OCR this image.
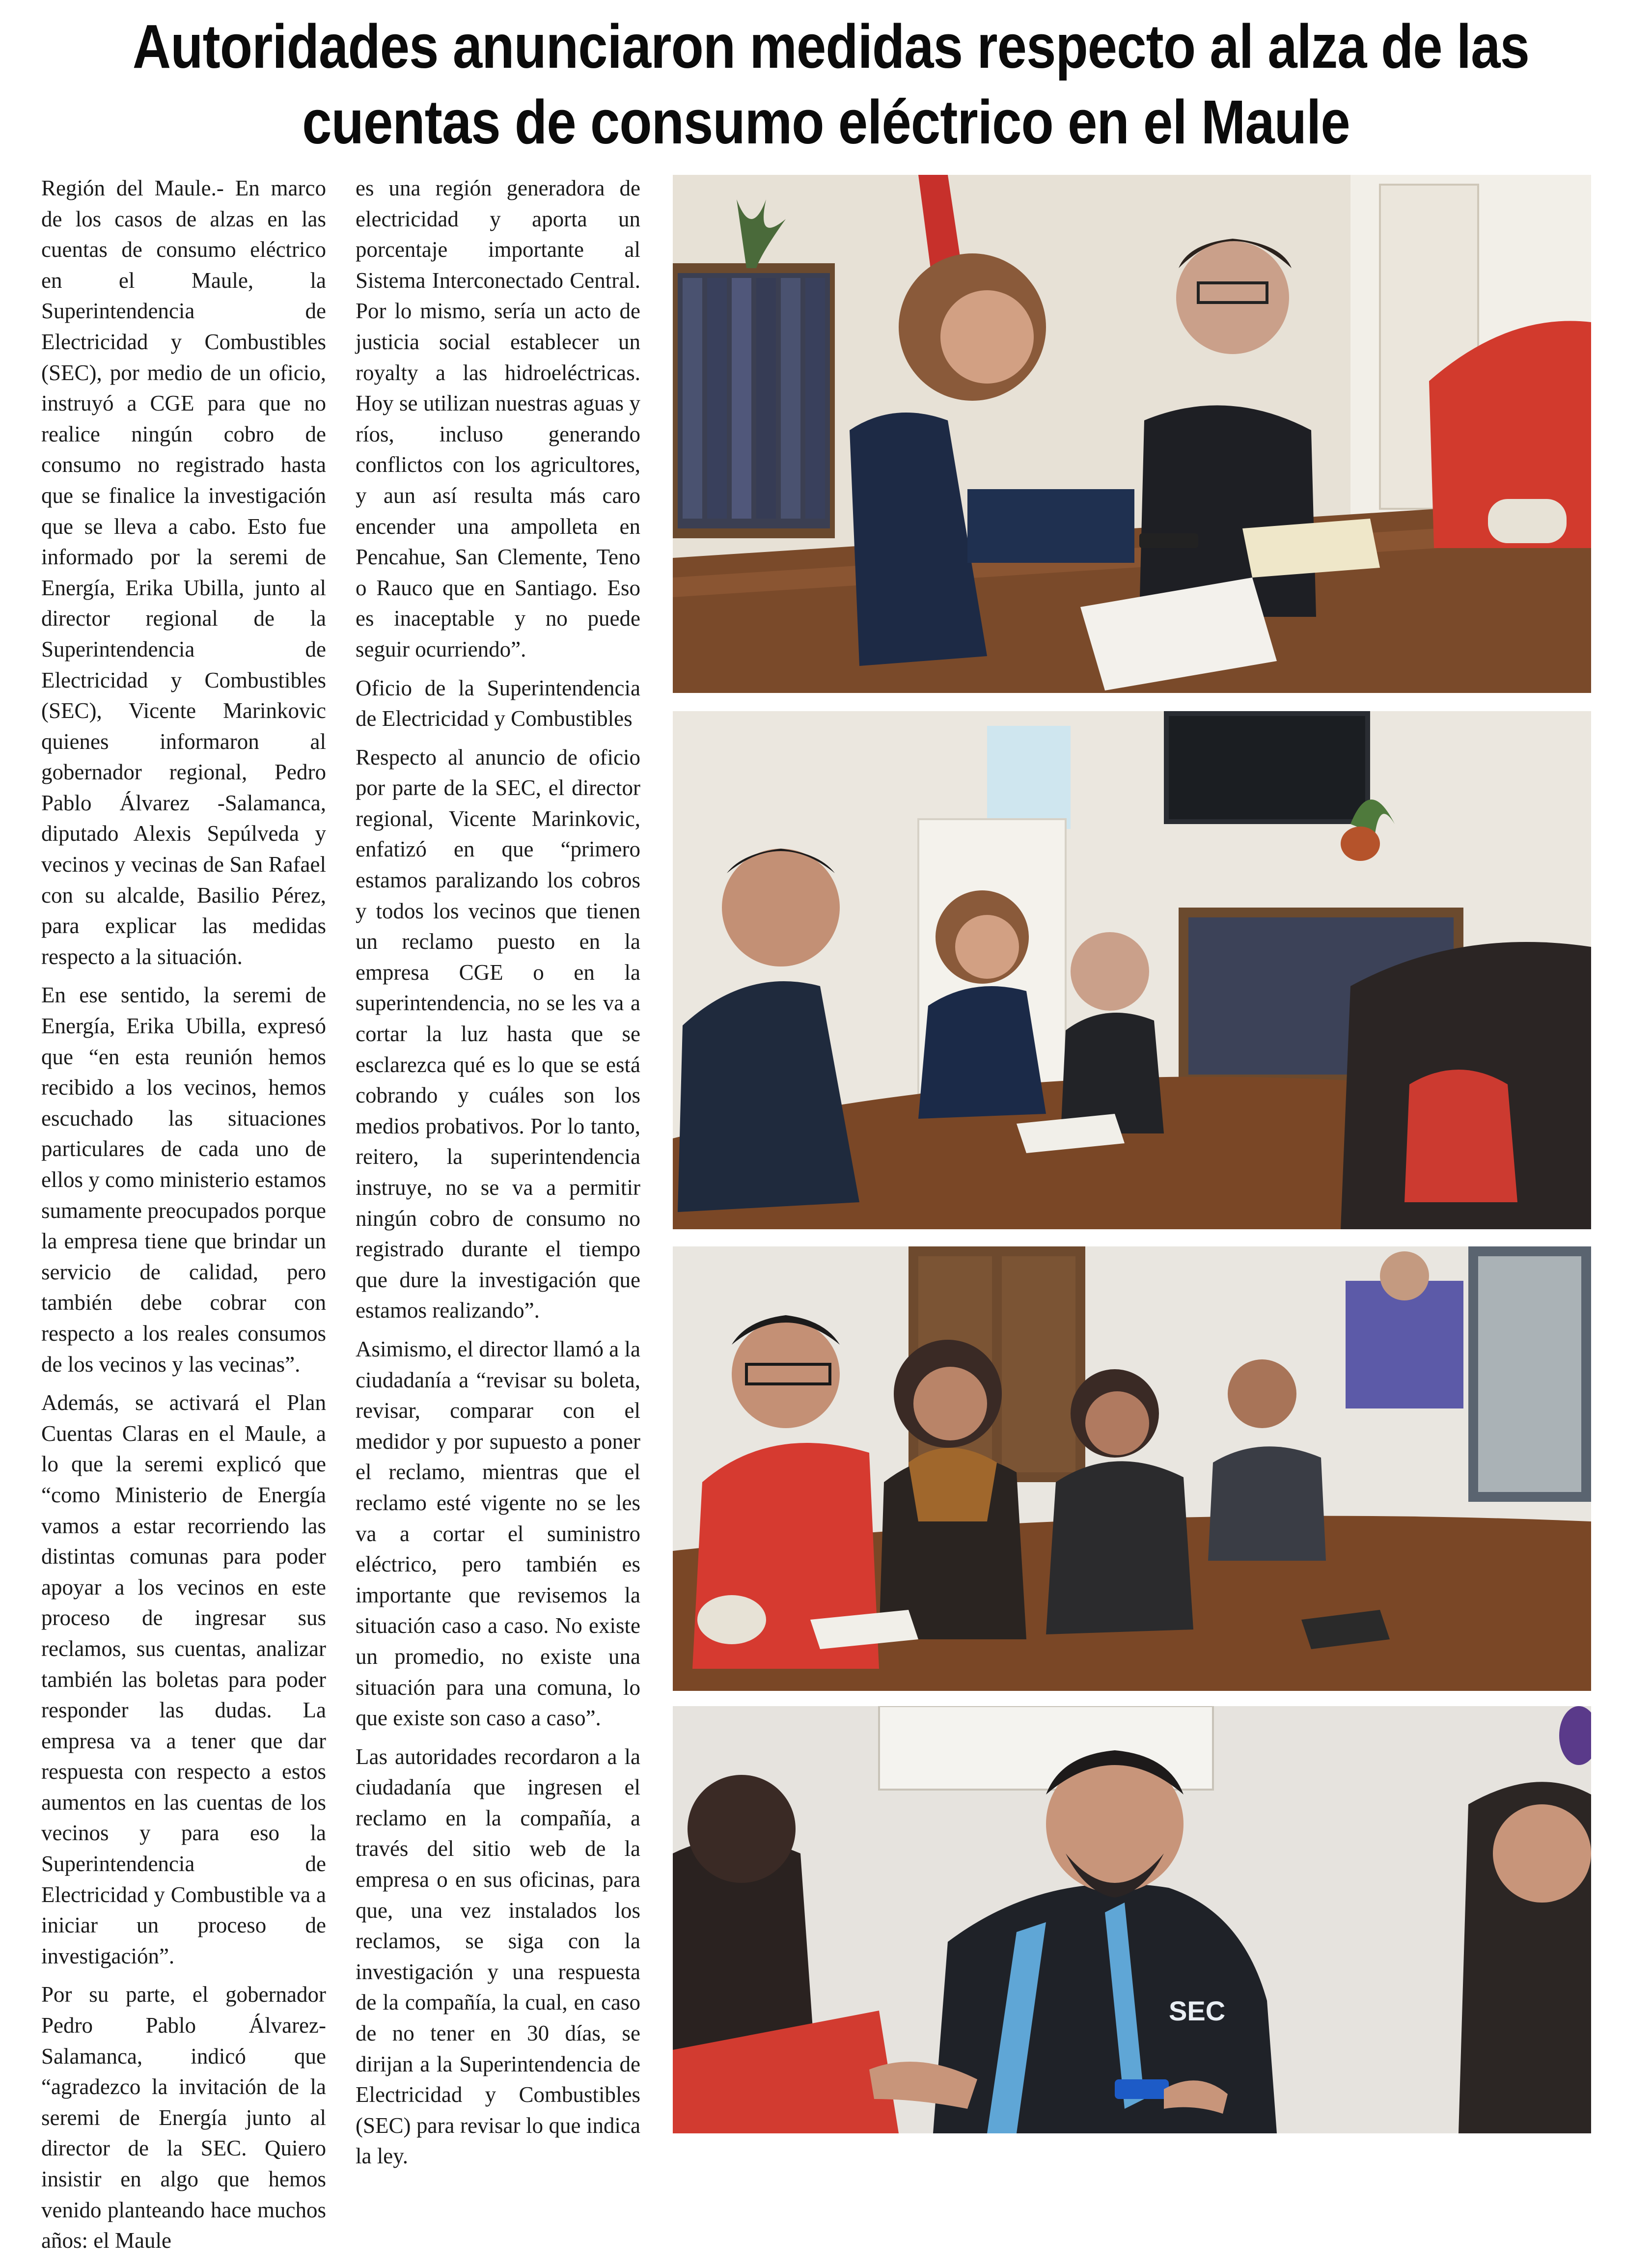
Autoridades anunciaron medidas respecto al alza de las
cuentas de consumo eléctrico en el Maule

Región del Maule.- En marco de los casos de alzas en las cuentas de consumo eléctrico en el Maule, la Superintendencia de Electricidad y Combustibles (SEC), por medio de un oficio, instruyó a CGE para que no realice ningún cobro de consumo no registrado hasta que se finalice la investigación que se lleva a cabo. Esto fue informado por la seremi de Energía, Erika Ubilla, junto al director regional de la Superintendencia de Electricidad y Combustibles (SEC), Vicente Marinkovic quienes informaron al gobernador regional, Pedro Pablo Álvarez -Salamanca, diputado Alexis Sepúlveda y vecinos y vecinas de San Rafael con su alcalde, Basilio Pérez, para explicar las medidas respecto a la situación.

En ese sentido, la seremi de Energía, Erika Ubilla, expresó que “en esta reunión hemos recibido a los vecinos, hemos escuchado las situaciones particulares de cada uno de ellos y como ministerio estamos sumamente preocupados porque la empresa tiene que brindar un servicio de calidad, pero también debe cobrar con respecto a los reales consumos de los vecinos y las vecinas”.

Además, se activará el Plan Cuentas Claras en el Maule, a lo que la seremi explicó que “como Ministerio de Energía vamos a estar recorriendo las distintas comunas para poder apoyar a los vecinos en este proceso de ingresar sus reclamos, sus cuentas, analizar también las boletas para poder responder las dudas. La empresa va a tener que dar respuesta con respecto a estos aumentos en las cuentas de los vecinos y para eso la Superintendencia de Electricidad y Combustible va a iniciar un proceso de investigación”.

Por su parte, el gobernador Pedro Pablo Álvarez-Salamanca, indicó que “agradezco la invitación de la seremi de Energía junto al director de la SEC. Quiero insistir en algo que hemos venido planteando hace muchos años: el Maule

es una región generadora de electricidad y aporta un porcentaje importante al Sistema Interconectado Central. Por lo mismo, sería un acto de justicia social establecer un royalty a las hidroeléctricas. Hoy se utilizan nuestras aguas y ríos, incluso generando conflictos con los agricultores, y aun así resulta más caro encender una ampolleta en Pencahue, San Clemente, Teno o Rauco que en Santiago. Eso es inaceptable y no puede seguir ocurriendo”.

Oficio de la Superintendencia de Electricidad y Combustibles

Respecto al anuncio de oficio por parte de la SEC, el director regional, Vicente Marinkovic, enfatizó en que “primero estamos paralizando los cobros y todos los vecinos que tienen un reclamo puesto en la empresa CGE o en la superintendencia, no se les va a cortar la luz hasta que se esclarezca qué es lo que se está cobrando y cuáles son los medios probativos. Por lo tanto, reitero, la superintendencia instruye, no se va a permitir ningún cobro de consumo no registrado durante el tiempo que dure la investigación que estamos realizando”.

Asimismo, el director llamó a la ciudadanía a “revisar su boleta, revisar, comparar con el medidor y por supuesto a poner el reclamo, mientras que el reclamo esté vigente no se les va a cortar el suministro eléctrico, pero también es importante que revisemos la situación caso a caso. No existe un promedio, no existe una situación para una comuna, lo que existe son caso a caso”.

Las autoridades recordaron a la ciudadanía que ingresen el reclamo en la compañía, a través del sitio web de la empresa o en sus oficinas, para que, una vez instalados los reclamos, se siga con la investigación y una respuesta de la compañía, la cual, en caso de no tener en 30 días, se dirijan a la Superintendencia de Electricidad y Combustibles (SEC) para revisar lo que indica la ley.

SEC
